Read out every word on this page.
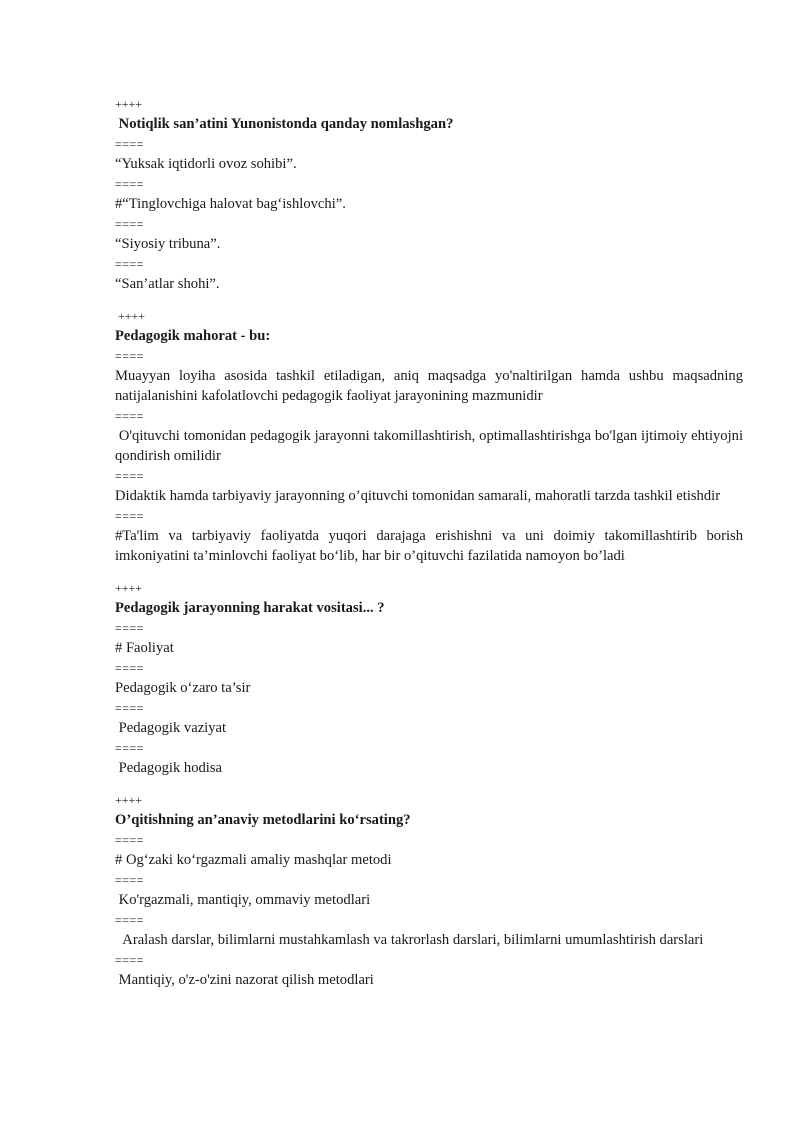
++++
Notiqlik san’atini Yunonistonda qanday nomlashgan?
====
“Yuksak iqtidorli ovoz sohibi”.
====
#“Tinglovchiga halovat bag‘ishlovchi”.
====
“Siyosiy tribuna”.
====
“San’atlar shohi”.
++++
Pedagogik mahorat - bu:
====
Muayyan loyiha asosida tashkil etiladigan, aniq maqsadga yo'naltirilgan hamda ushbu maqsadning natijalanishini kafolatlovchi pedagogik faoliyat jarayonining mazmunidir
====
O'qituvchi tomonidan pedagogik jarayonni takomillashtirish, optimallashtirishga bo'lgan ijtimoiy ehtiyojni qondirish omilidir
====
Didaktik hamda tarbiyaviy jarayonning o’qituvchi tomonidan samarali, mahoratli tarzda tashkil etishdir
====
#Ta'lim va tarbiyaviy faoliyatda yuqori darajaga erishishni va uni doimiy takomillashtirib borish imkoniyatini ta’minlovchi faoliyat bo‘lib, har bir o’qituvchi fazilatida namoyon bo’ladi
++++
Pedagogik jarayonning harakat vositasi... ?
====
# Faoliyat
====
Pedagogik o‘zaro ta’sir
====
Pedagogik vaziyat
====
Pedagogik hodisa
++++
O’qitishning an’anaviy metodlarini ko‘rsating?
====
# Og‘zaki ko‘rgazmali amaliy mashqlar metodi
====
Ko'rgazmali, mantiqiy, ommaviy metodlari
====
Aralash darslar, bilimlarni mustahkamlash va takrorlash darslari, bilimlarni umumlashtirish darslari
====
Mantiqiy, o'z-o'zini nazorat qilish metodlari
